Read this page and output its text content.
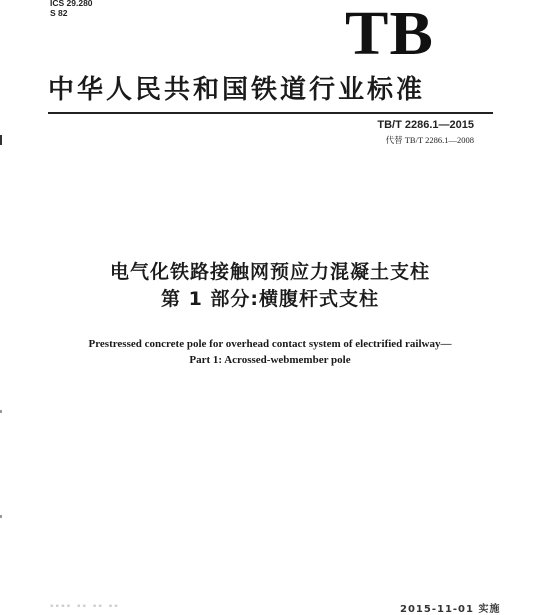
ICS 29.280
S 82	TB
中华人民共和国铁道行业标准
TB/T 2286.1—2015
代替 TB/T 2286.1—2008
电气化铁路接触网预应力混凝土支柱
第 1 部分:横腹杆式支柱
Prestressed concrete pole for overhead contact system of electrified railway—
Part 1: Acrossed-webmember pole
▪▪▪▪ ▪▪ ▪▪ ▪▪	2015-11-01 实施
